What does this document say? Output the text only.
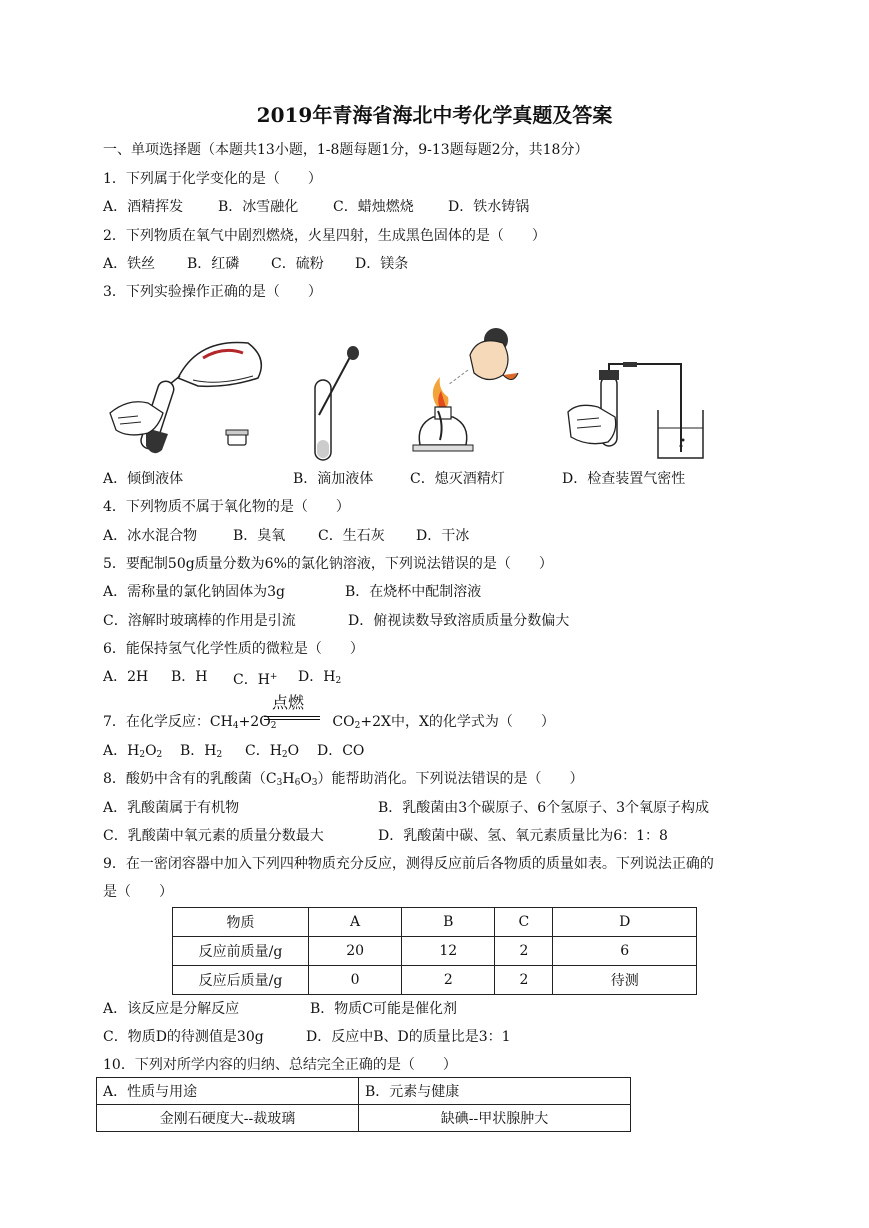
2019年青海省海北中考化学真题及答案
一、单项选择题（本题共13小题，1-8题每题1分，9-13题每题2分，共18分）
1．下列属于化学变化的是（　　）
A．酒精挥发 B．冰雪融化 C．蜡烛燃烧 D．铁水铸锅
2．下列物质在氧气中剧烈燃烧，火星四射，生成黑色固体的是（　　）
A．铁丝 B．红磷 C．硫粉 D．镁条
3．下列实验操作正确的是（　　）
A．倾倒液体	B．滴加液体	C．熄灭酒精灯	D．检查装置气密性
4．下列物质不属于氧化物的是（　　）
A．冰水混合物	B．臭氧 C．生石灰 D．干冰
5．要配制50g质量分数为6%的氯化钠溶液，下列说法错误的是（　　）
A．需称量的氯化钠固体为3g	B．在烧杯中配制溶液
C．溶解时玻璃棒的作用是引流	D．俯视读数导致溶质质量分数偏大
6．能保持氢气化学性质的微粒是（　　）
A．2H B．H C．H+ D．$H_2$
点燃
7．在化学反应：$CH_4+2O_2$	$CO_2+2X$中，X的化学式为（　　）
A．$H_2O_2$ B．$H_2$ C．$H_2O$ D．CO
8．酸奶中含有的乳酸菌$(C_3H_6O_3)$能帮助消化。下列说法错误的是（　　）
A．乳酸菌属于有机物	B．乳酸菌由3个碳原子、6个氢原子、3个氧原子构成
C．乳酸菌中氧元素的质量分数最大	D．乳酸菌中碳、氢、氧元素质量比为6：1：8
9．在一密闭容器中加入下列四种物质充分反应，测得反应前后各物质的质量如表。下列说法正确的
是（　　）
物质	A	B	C	D
反应前质量/g	20	12	2	6
反应后质量/g	0	2	2	待测
A．该反应是分解反应	B．物质C可能是催化剂
C．物质D的待测值是30g	D．反应中B、D的质量比是3：1
10．下列对所学内容的归纳、总结完全正确的是（　　）
A．性质与用途	B．元素与健康
金刚石硬度大--裁玻璃	缺碘--甲状腺肿大
